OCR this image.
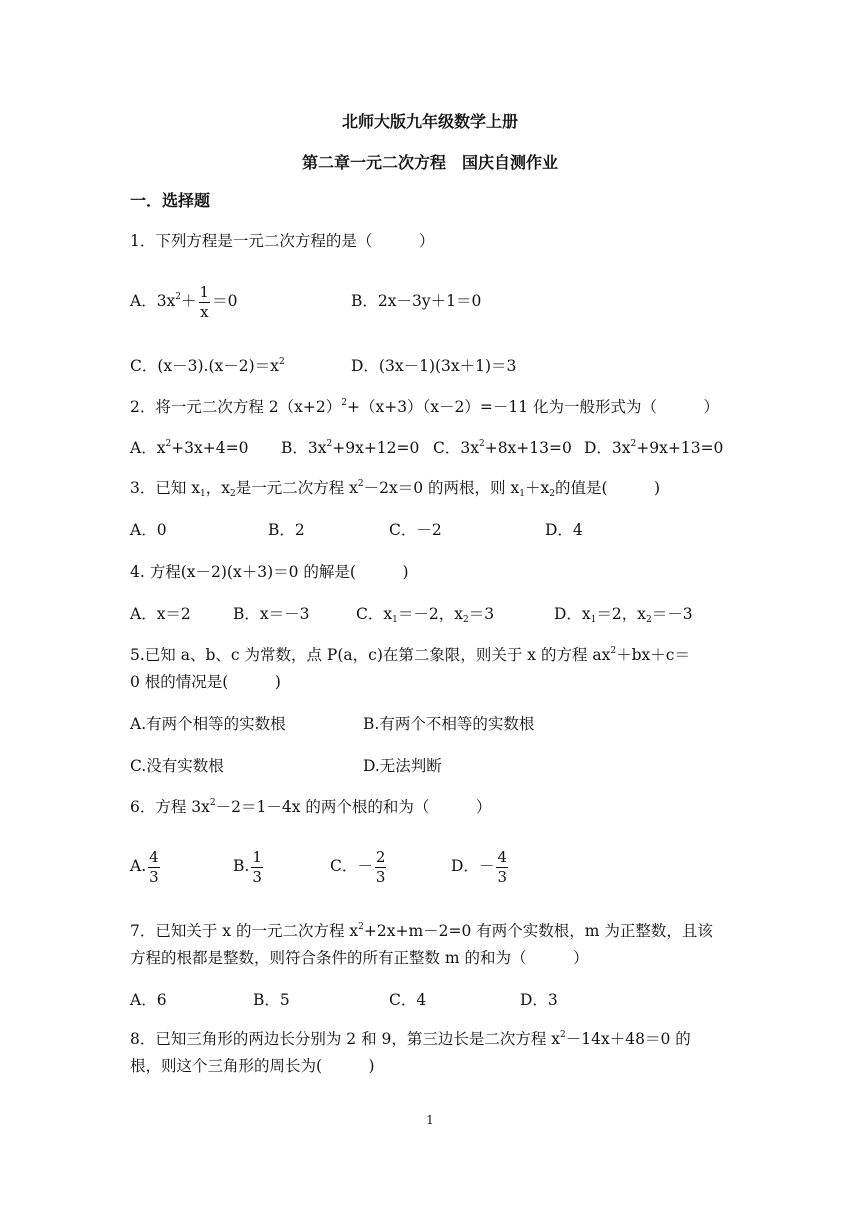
北师大版九年级数学上册
第二章一元二次方程　国庆自测作业
一．选择题
1．下列方程是一元二次方程的是（　　　）
A．$3x^2+ \frac{1}{x} =0$	B．2x－3y＋1＝0
C．$(x-3).(x-2)=x^2$	D．(3x－1)(3x＋1)＝3
2．将一元二次方程 $2(x+2)^2+(x+3)(x-2)=-11$ 化为一般形式为（　　　）
A．$x^2+3x+4=0$ B．$3x^2+9x+12=0$ C．$3x^2+8x+13=0$ D．$3x^2+9x+13=0$
3．已知 $x_1$，$x_2$是一元二次方程 $x^2-2x=0$ 的两根，则 $x_1+x_2$的值是(　　　)
A．0	B．2	C．－2	D．4
4. 方程(x－2)(x＋3)＝0 的解是(　　　)
A．x＝2	B．x＝－3	C．$x_1=-2$，$x_2=3$	D．$x_1=2$，$x_2=-3$
5.已知 a、b、c 为常数，点 P(a，c)在第二象限，则关于 x 的方程 $ax^2+bx+c=$
0 根的情况是(　　　)
A.有两个相等的实数根	B.有两个不相等的实数根
C.没有实数根	D.无法判断
6．方程 $3x^2-2=1-4x$ 的两个根的和为（　　　）
A. $\frac{4}{3}$	B. $\frac{1}{3}$	C．－ $\frac{2}{3}$	D．－ $\frac{4}{3}$
7．已知关于 x 的一元二次方程 $x^2+2x+m-2=0$ 有两个实数根，m 为正整数，且该
方程的根都是整数，则符合条件的所有正整数 m 的和为（　　　）
A．6	B．5	C．4	D．3
8．已知三角形的两边长分别为 2 和 9，第三边长是二次方程 $x^2-14x+48=0$ 的
根，则这个三角形的周长为(　　　)
1
